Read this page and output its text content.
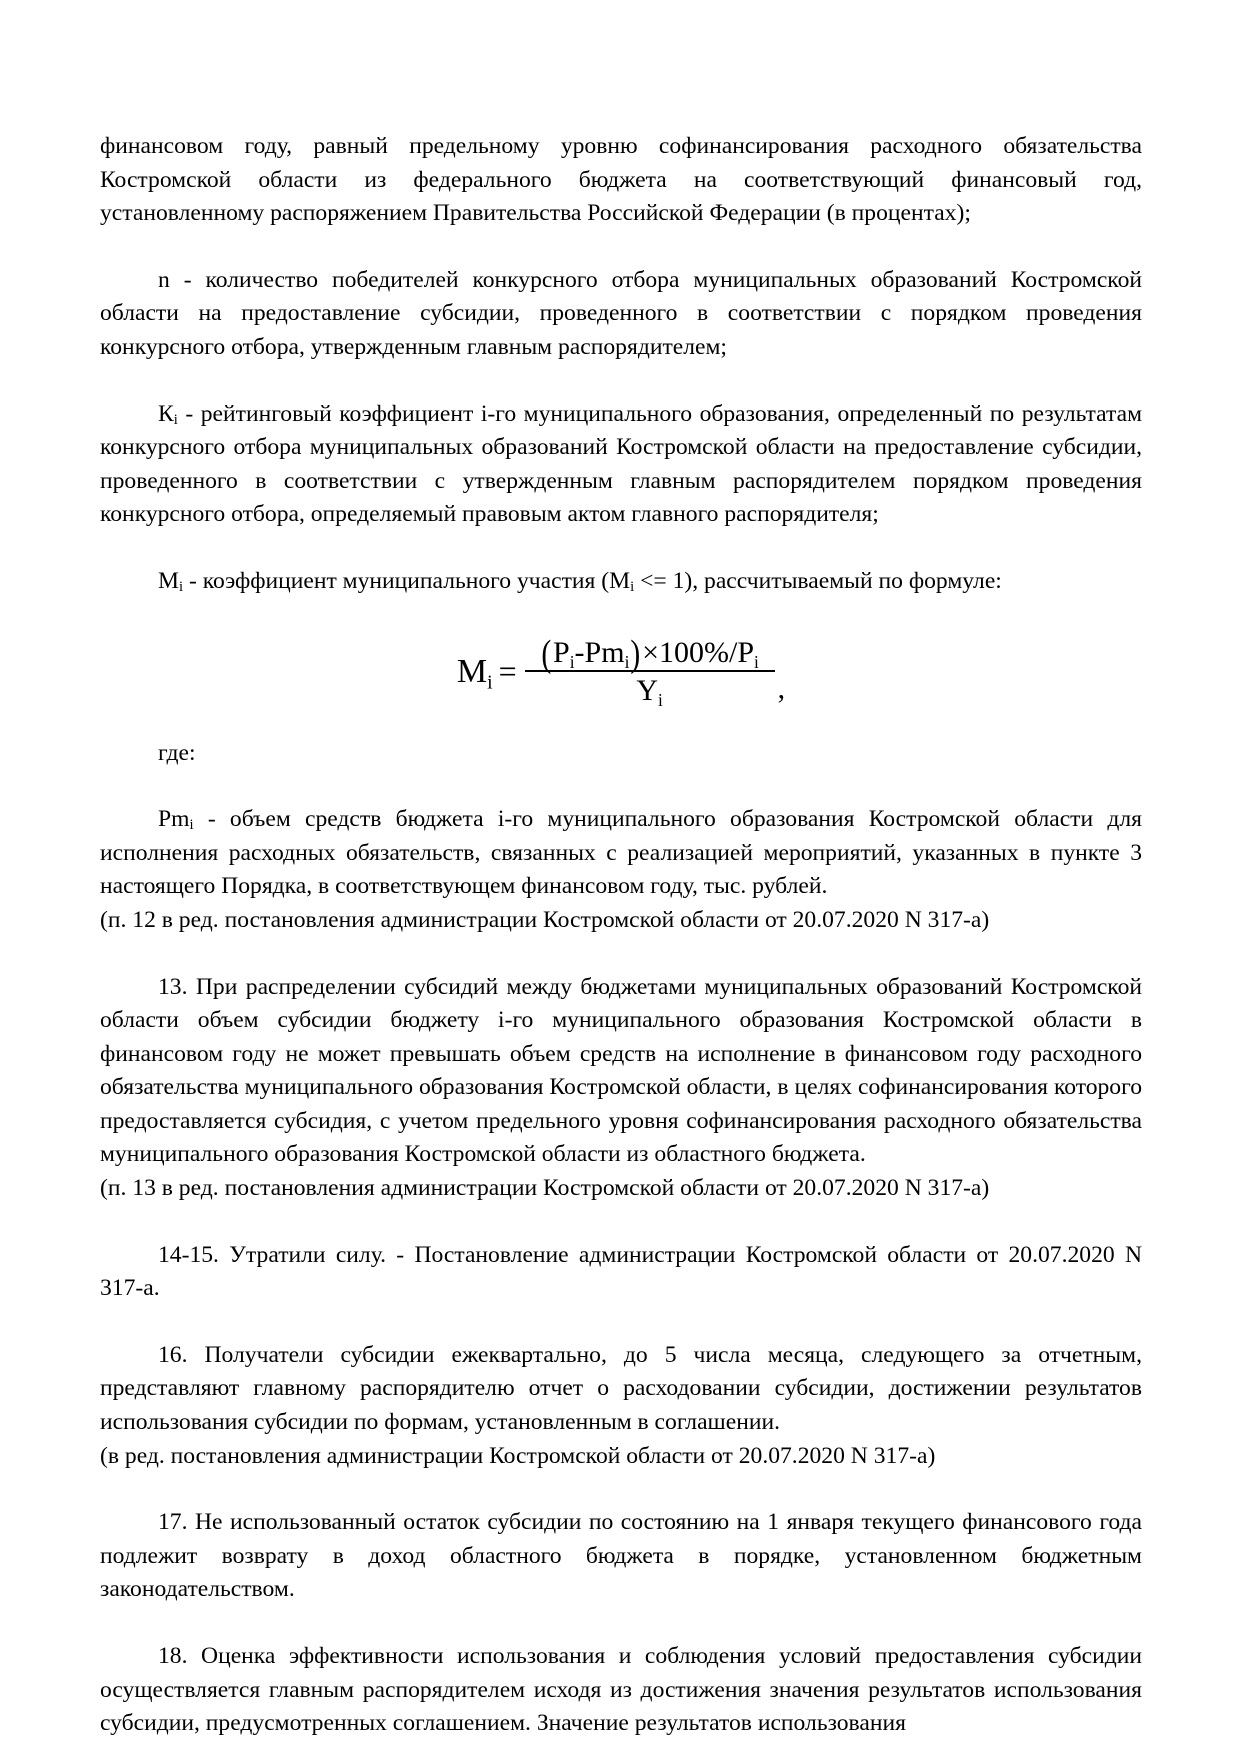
финансовом году, равный предельному уровню софинансирования расходного обязательства Костромской области из федерального бюджета на соответствующий финансовый год, установленному распоряжением Правительства Российской Федерации (в процентах);

n - количество победителей конкурсного отбора муниципальных образований Костромской области на предоставление субсидии, проведенного в соответствии с порядком проведения конкурсного отбора, утвержденным главным распорядителем;

$К_i$ - рейтинговый коэффициент i-го муниципального образования, определенный по результатам конкурсного отбора муниципальных образований Костромской области на предоставление субсидии, проведенного в соответствии с утвержденным главным распорядителем порядком проведения конкурсного отбора, определяемый правовым актом главного распорядителя;

$М_i$ - коэффициент муниципального участия $(М_i <= 1)$, рассчитываемый по формуле:

$М_i = \frac{(P_i-Pm_i)\times 100\%/P_i}{Y_i}$ ,

где:

$Pm_i$ - объем средств бюджета i-го муниципального образования Костромской области для исполнения расходных обязательств, связанных с реализацией мероприятий, указанных в пункте 3 настоящего Порядка, в соответствующем финансовом году, тыс. рублей.

(п. 12 в ред. постановления администрации Костромской области от 20.07.2020 N 317-а)

13. При распределении субсидий между бюджетами муниципальных образований Костромской области объем субсидии бюджету i-го муниципального образования Костромской области в финансовом году не может превышать объем средств на исполнение в финансовом году расходного обязательства муниципального образования Костромской области, в целях софинансирования которого предоставляется субсидия, с учетом предельного уровня софинансирования расходного обязательства муниципального образования Костромской области из областного бюджета.

(п. 13 в ред. постановления администрации Костромской области от 20.07.2020 N 317-а)

14-15. Утратили силу. - Постановление администрации Костромской области от 20.07.2020 N 317-а.

16. Получатели субсидии ежеквартально, до 5 числа месяца, следующего за отчетным, представляют главному распорядителю отчет о расходовании субсидии, достижении результатов использования субсидии по формам, установленным в соглашении.

(в ред. постановления администрации Костромской области от 20.07.2020 N 317-а)

17. Не использованный остаток субсидии по состоянию на 1 января текущего финансового года подлежит возврату в доход областного бюджета в порядке, установленном бюджетным законодательством.

18. Оценка эффективности использования и соблюдения условий предоставления субсидии осуществляется главным распорядителем исходя из достижения значения результатов использования субсидии, предусмотренных соглашением. Значение результатов использования
